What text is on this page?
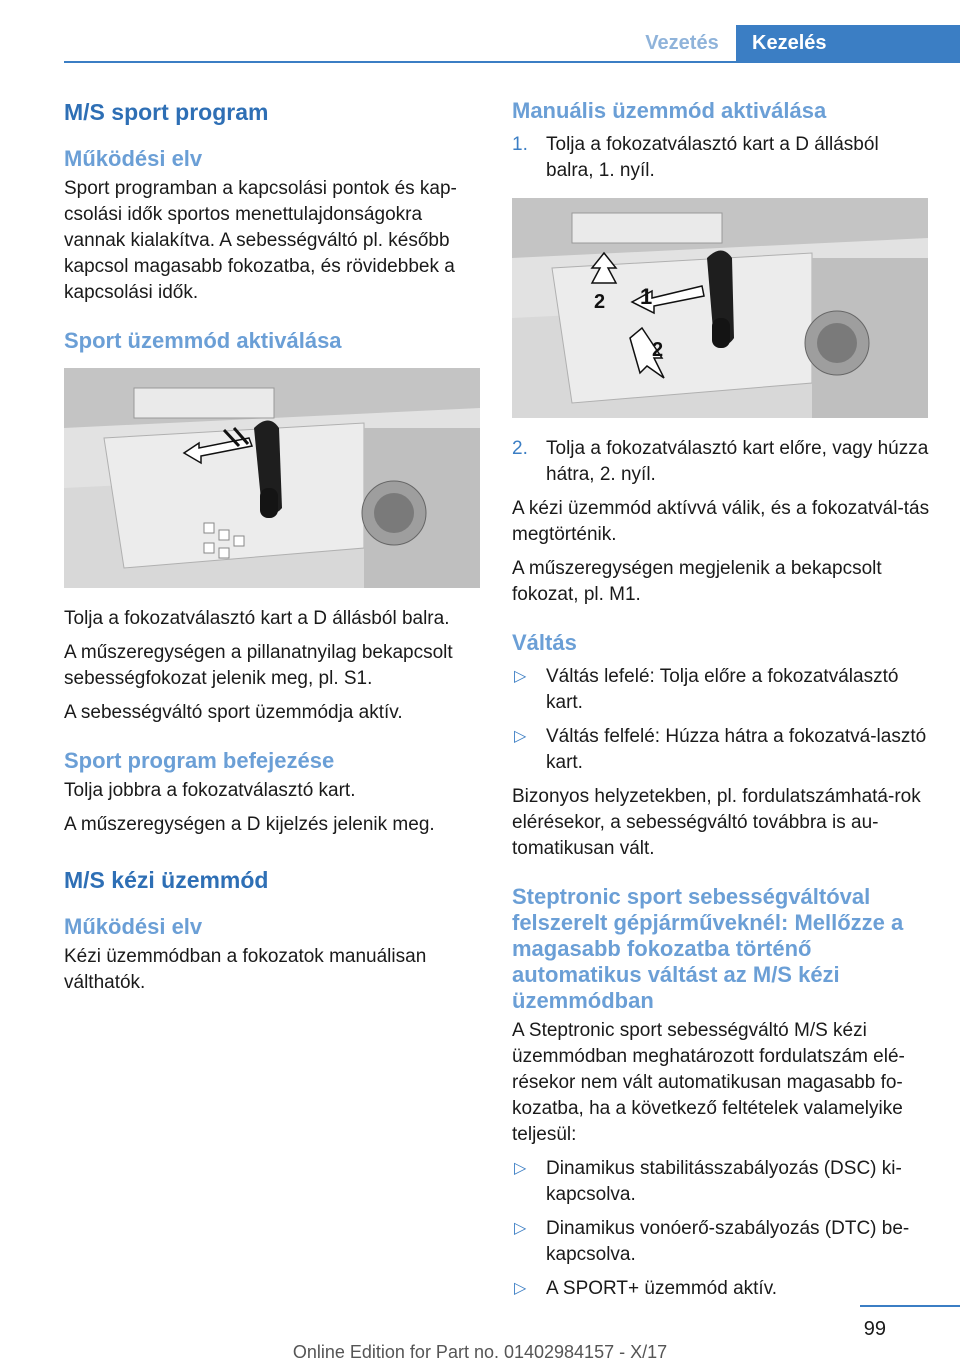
Vezetés	Kezelés
M/S sport program
Működési elv

Sport programban a kapcsolási pontok és kap-csolási idők sportos menettulajdonságokra vannak kialakítva. A sebességváltó pl. később kapcsol magasabb fokozatba, és rövidebbek a kapcsolási idők.

Sport üzemmód aktiválása

Tolja a fokozatválasztó kart a D állásból balra.

A műszeregységen a pillanatnyilag bekapcsolt sebességfokozat jelenik meg, pl. S1.

A sebességváltó sport üzemmódja aktív.

Sport program befejezése

Tolja jobbra a fokozatválasztó kart.

A műszeregységen a D kijelzés jelenik meg.

M/S kézi üzemmód
Működési elv

Kézi üzemmódban a fokozatok manuálisan válthatók.

Manuális üzemmód aktiválása
1. Tolja a fokozatválasztó kart a D állásból balra, 1. nyíl.
1
2
2
2. Tolja a fokozatválasztó kart előre, vagy húzza hátra, 2. nyíl.

A kézi üzemmód aktívvá válik, és a fokozatvál-tás megtörténik.

A műszeregységen megjelenik a bekapcsolt fokozat, pl. M1.

Váltás
▷ Váltás lefelé: Tolja előre a fokozatválasztó kart.
▷ Váltás felfelé: Húzza hátra a fokozatvá-lasztó kart.

Bizonyos helyzetekben, pl. fordulatszámhatá-rok elérésekor, a sebességváltó továbbra is au-tomatikusan vált.

Steptronic sport sebességváltóval felszerelt gépjárműveknél: Mellőzze a magasabb fokozatba történő automatikus váltást az M/S kézi üzemmódban

A Steptronic sport sebességváltó M/S kézi üzemmódban meghatározott fordulatszám elé-résekor nem vált automatikusan magasabb fo-kozatba, ha a következő feltételek valamelyike teljesül:

▷ Dinamikus stabilitásszabályozás (DSC) ki-kapcsolva.
▷ Dinamikus vonóerő-szabályozás (DTC) be-kapcsolva.
▷ A SPORT+ üzemmód aktív.
99
Online Edition for Part no. 01402984157 - X/17
